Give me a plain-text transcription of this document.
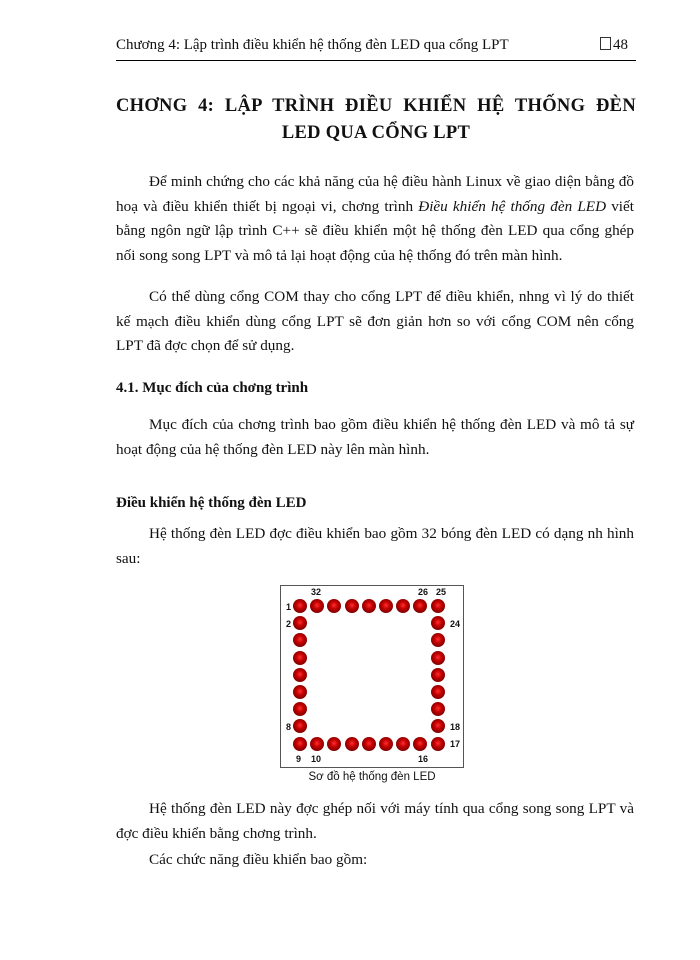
Chương 4: Lập trình điều khiển hệ thống đèn LED qua cổng LPT	48
CHƠNG 4: LẬP TRÌNH ĐIỀU KHIỂN HỆ THỐNG ĐÈN
LED QUA CỔNG LPT

Để minh chứng cho các khả năng của hệ điều hành Linux về giao diện bằng đồ hoạ và điều khiển thiết bị ngoại vi, chơng trình Điều khiển hệ thống đèn LED viết bằng ngôn ngữ lập trình C++ sẽ điều khiển một hệ thống đèn LED qua cổng ghép nối song song LPT và mô tả lại hoạt động của hệ thống đó trên màn hình.

Có thể dùng cổng COM thay cho cổng LPT để điều khiển, nhng vì lý do thiết kế mạch điều khiển dùng cổng LPT sẽ đơn giản hơn so với cổng COM nên cổng LPT đã đợc chọn để sử dụng.

4.1. Mục đích của chơng trình

Mục đích của chơng trình bao gồm điều khiển hệ thống đèn LED và mô tả sự hoạt động của hệ thống đèn LED này lên màn hình.

Điều khiển hệ thống đèn LED

Hệ thống đèn LED đợc điều khiển bao gồm 32 bóng đèn LED có dạng nh hình sau:

32	26 25
1
2	24
8	18
17
9 10	16
Sơ đồ hệ thống đèn LED

Hệ thống đèn LED này đợc ghép nối với máy tính qua cổng song song LPT và đợc điều khiển bằng chơng trình.

Các chức năng điều khiển bao gồm:
